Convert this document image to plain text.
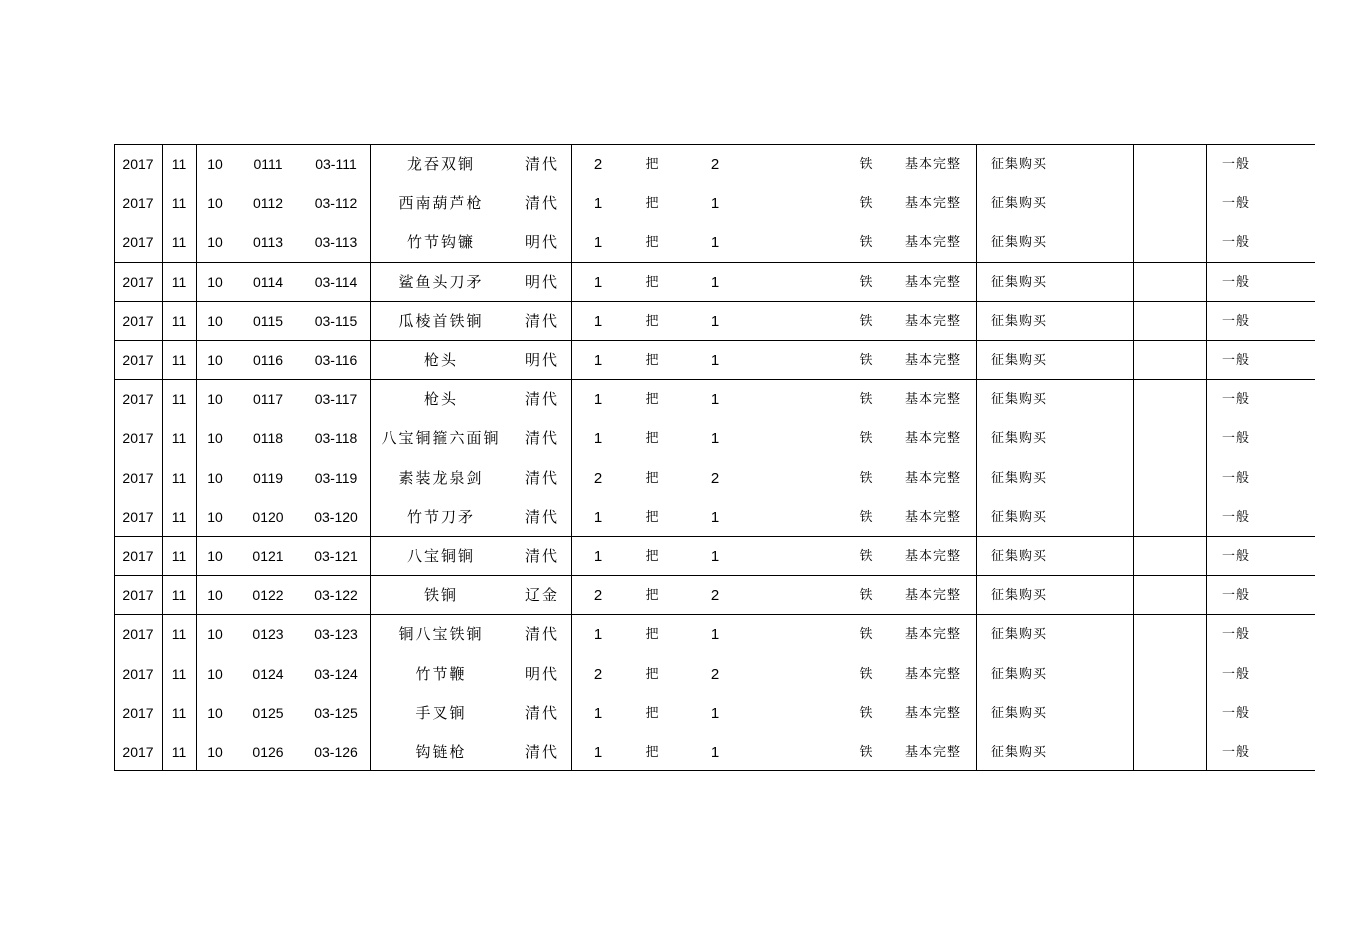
2017	11	10	0111	03-111	龙吞双锏	清代	2	把	2	铁	基本完整	征集购买	一般
2017	11	10	0112	03-112	西南葫芦枪	清代	1	把	1	铁	基本完整	征集购买	一般
2017	11	10	0113	03-113	竹节钩镰	明代	1	把	1	铁	基本完整	征集购买	一般
2017	11	10	0114	03-114	鲨鱼头刀矛	明代	1	把	1	铁	基本完整	征集购买	一般
2017	11	10	0115	03-115	瓜棱首铁锏	清代	1	把	1	铁	基本完整	征集购买	一般
2017	11	10	0116	03-116	枪头	明代	1	把	1	铁	基本完整	征集购买	一般
2017	11	10	0117	03-117	枪头	清代	1	把	1	铁	基本完整	征集购买	一般
2017	11	10	0118	03-118	八宝铜箍六面锏	清代	1	把	1	铁	基本完整	征集购买	一般
2017	11	10	0119	03-119	素装龙泉剑	清代	2	把	2	铁	基本完整	征集购买	一般
2017	11	10	0120	03-120	竹节刀矛	清代	1	把	1	铁	基本完整	征集购买	一般
2017	11	10	0121	03-121	八宝铜锏	清代	1	把	1	铁	基本完整	征集购买	一般
2017	11	10	0122	03-122	铁锏	辽金	2	把	2	铁	基本完整	征集购买	一般
2017	11	10	0123	03-123	铜八宝铁锏	清代	1	把	1	铁	基本完整	征集购买	一般
2017	11	10	0124	03-124	竹节鞭	明代	2	把	2	铁	基本完整	征集购买	一般
2017	11	10	0125	03-125	手叉锏	清代	1	把	1	铁	基本完整	征集购买	一般
2017	11	10	0126	03-126	钩链枪	清代	1	把	1	铁	基本完整	征集购买	一般
